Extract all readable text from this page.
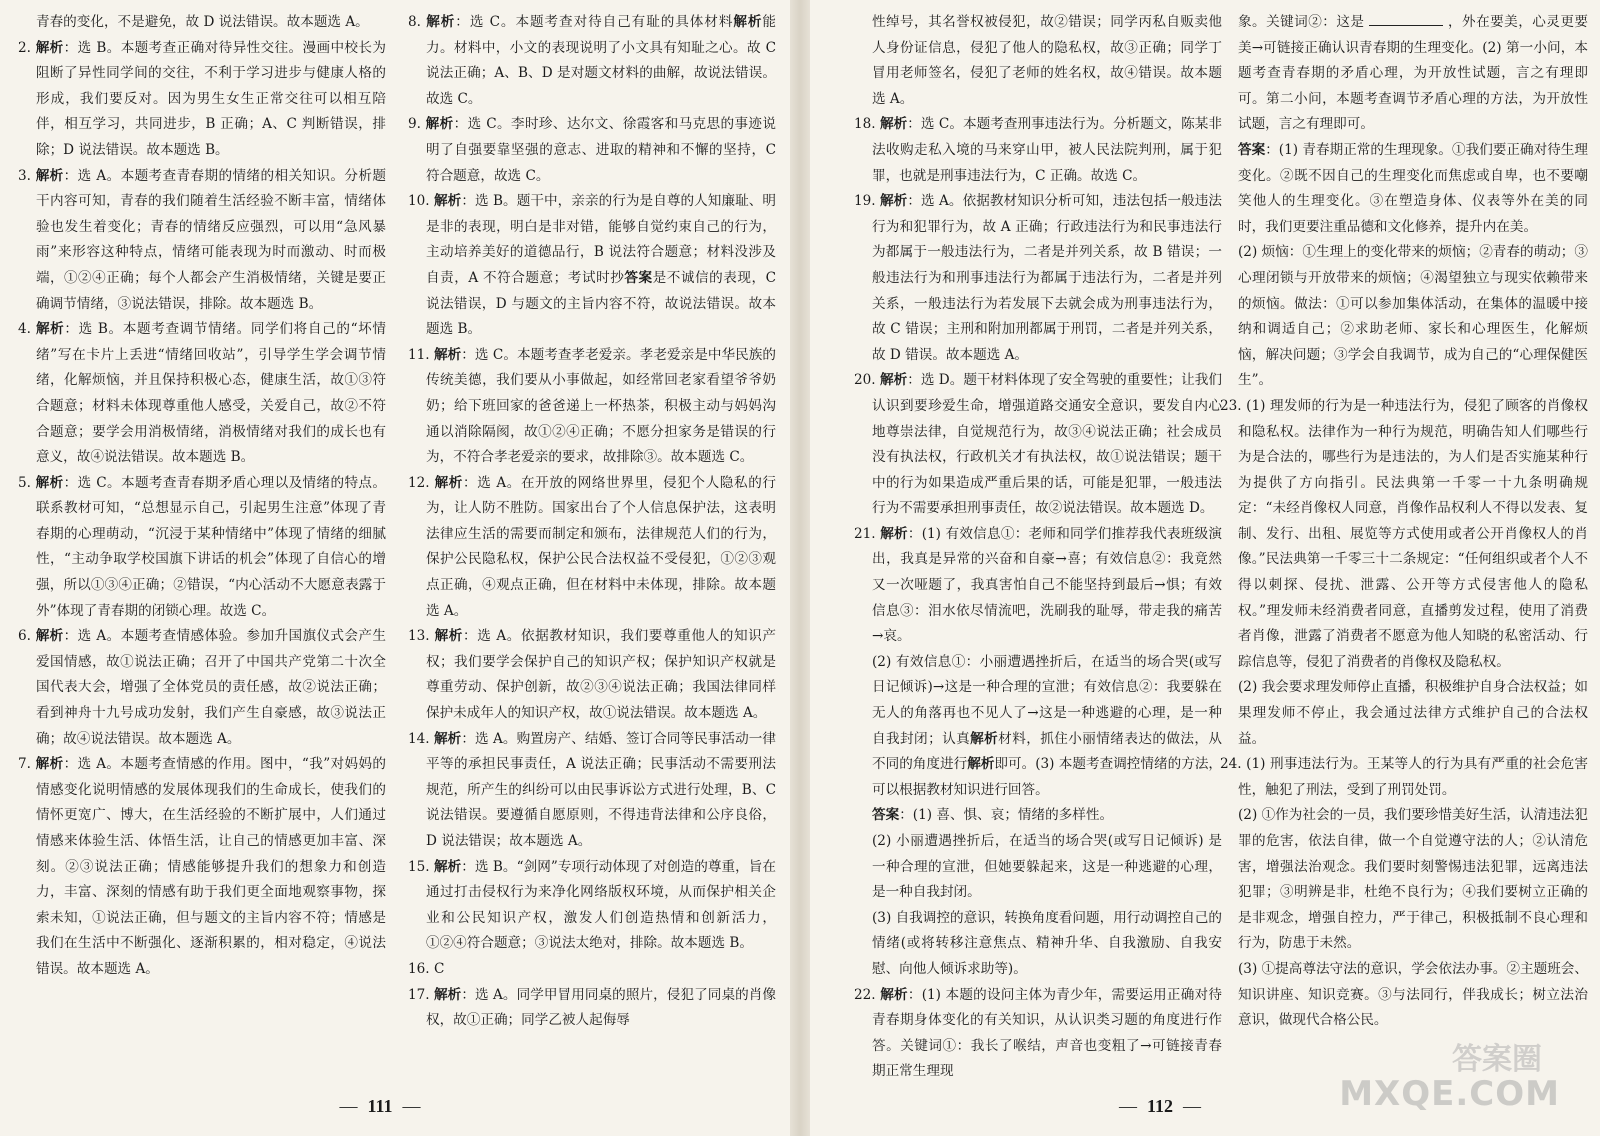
青春的变化，不是避免，故 D 说法错误。故本题选 A。

2. 解析：选 B。本题考查正确对待异性交往。漫画中校长为阻断了异性同学间的交往，不利于学习进步与健康人格的形成，我们要反对。因为男生女生正常交往可以相互陪伴，相互学习，共同进步，B 正确；A、C 判断错误，排除；D 说法错误。故本题选 B。

3. 解析：选 A。本题考查青春期的情绪的相关知识。分析题干内容可知，青春的我们随着生活经验不断丰富，情绪体验也发生着变化；青春的情绪反应强烈，可以用“急风暴雨”来形容这种特点，情绪可能表现为时而激动、时而极端，①②④正确；每个人都会产生消极情绪，关键是要正确调节情绪，③说法错误，排除。故本题选 B。

4. 解析：选 B。本题考查调节情绪。同学们将自己的“坏情绪”写在卡片上丢进“情绪回收站”，引导学生学会调节情绪，化解烦恼，并且保持积极心态，健康生活，故①③符合题意；材料未体现尊重他人感受，关爱自己，故②不符合题意；要学会用消极情绪，消极情绪对我们的成长也有意义，故④说法错误。故本题选 B。

5. 解析：选 C。本题考查青春期矛盾心理以及情绪的特点。联系教材可知，“总想显示自己，引起男生注意”体现了青春期的心理萌动，“沉浸于某种情绪中”体现了情绪的细腻性，“主动争取学校国旗下讲话的机会”体现了自信心的增强，所以①③④正确；②错误，“内心活动不大愿意表露于外”体现了青春期的闭锁心理。故选 C。

6. 解析：选 A。本题考查情感体验。参加升国旗仪式会产生爱国情感，故①说法正确；召开了中国共产党第二十次全国代表大会，增强了全体党员的责任感，故②说法正确；看到神舟十九号成功发射，我们产生自豪感，故③说法正确；故④说法错误。故本题选 A。

7. 解析：选 A。本题考查情感的作用。图中，“我”对妈妈的情感变化说明情感的发展体现我们的生命成长，使我们的情怀更宽广、博大，在生活经验的不断扩展中，人们通过情感来体验生活、体悟生活，让自己的情感更加丰富、深刻。②③说法正确；情感能够提升我们的想象力和创造力，丰富、深刻的情感有助于我们更全面地观察事物，探索未知，①说法正确，但与题文的主旨内容不符；情感是我们在生活中不断强化、逐渐积累的，相对稳定，④说法错误。故本题选 A。

8. 解析：选 C。本题考查对待自己有耻的具体材料解析能力。材料中，小文的表现说明了小文具有知耻之心。故 C 说法正确；A、B、D 是对题文材料的曲解，故说法错误。故选 C。

9. 解析：选 C。李时珍、达尔文、徐霞客和马克思的事迹说明了自强要靠坚强的意志、进取的精神和不懈的坚持，C 符合题意，故选 C。

10. 解析：选 B。题干中，亲亲的行为是自尊的人知廉耻、明是非的表现，明白是非对错，能够自觉约束自己的行为，主动培养美好的道德品行，B 说法符合题意；材料没涉及自责，A 不符合题意；考试时抄答案是不诚信的表现，C 说法错误，D 与题文的主旨内容不符，故说法错误。故本题选 B。

11. 解析：选 C。本题考查孝老爱亲。孝老爱亲是中华民族的传统美德，我们要从小事做起，如经常回老家看望爷爷奶奶；给下班回家的爸爸递上一杯热茶，积极主动与妈妈沟通以消除隔阂，故①②④正确；不愿分担家务是错误的行为，不符合孝老爱亲的要求，故排除③。故本题选 C。

12. 解析：选 A。在开放的网络世界里，侵犯个人隐私的行为，让人防不胜防。国家出台了个人信息保护法，这表明法律应生活的需要而制定和颁布，法律规范人们的行为，保护公民隐私权，保护公民合法权益不受侵犯，①②③观点正确，④观点正确，但在材料中未体现，排除。故本题选 A。

13. 解析：选 A。依据教材知识，我们要尊重他人的知识产权；我们要学会保护自己的知识产权；保护知识产权就是尊重劳动、保护创新，故②③④说法正确；我国法律同样保护未成年人的知识产权，故①说法错误。故本题选 A。

14. 解析：选 A。购置房产、结婚、签订合同等民事活动一律平等的承担民事责任，A 说法正确；民事活动不需要刑法规范，所产生的纠纷可以由民事诉讼方式进行处理，B、C 说法错误。要遵循自愿原则，不得违背法律和公序良俗，D 说法错误；故本题选 A。

15. 解析：选 B。“剑网”专项行动体现了对创造的尊重，旨在通过打击侵权行为来净化网络版权环境，从而保护相关企业和公民知识产权，激发人们创造热情和创新活力，①②④符合题意；③说法太绝对，排除。故本题选 B。

16. C

17. 解析：选 A。同学甲冒用同桌的照片，侵犯了同桌的肖像权，故①正确；同学乙被人起侮辱

— 111 —

性绰号，其名誉权被侵犯，故②错误；同学丙私自贩卖他人身份证信息，侵犯了他人的隐私权，故③正确；同学丁冒用老师签名，侵犯了老师的姓名权，故④错误。故本题选 A。

18. 解析：选 C。本题考查刑事违法行为。分析题文，陈某非法收购走私入境的马来穿山甲，被人民法院判刑，属于犯罪，也就是刑事违法行为，C 正确。故选 C。

19. 解析：选 A。依据教材知识分析可知，违法包括一般违法行为和犯罪行为，故 A 正确；行政违法行为和民事违法行为都属于一般违法行为，二者是并列关系，故 B 错误；一般违法行为和刑事违法行为都属于违法行为，二者是并列关系，一般违法行为若发展下去就会成为刑事违法行为，故 C 错误；主刑和附加刑都属于刑罚，二者是并列关系，故 D 错误。故本题选 A。

20. 解析：选 D。题干材料体现了安全驾驶的重要性；让我们认识到要珍爱生命，增强道路交通安全意识，要发自内心地尊崇法律，自觉规范行为，故③④说法正确；社会成员没有执法权，行政机关才有执法权，故①说法错误；题干中的行为如果造成严重后果的话，可能是犯罪，一般违法行为不需要承担刑事责任，故②说法错误。故本题选 D。

21. 解析：(1) 有效信息①：老师和同学们推荐我代表班级演出，我真是异常的兴奋和自豪→喜；有效信息②：我竟然又一次哑题了，我真害怕自己不能坚持到最后→惧；有效信息③：泪水依尽情流吧，洗刷我的耻辱，带走我的痛苦→哀。

(2) 有效信息①：小丽遭遇挫折后，在适当的场合哭(或写日记倾诉)→这是一种合理的宣泄；有效信息②：我要躲在无人的角落再也不见人了→这是一种逃避的心理，是一种自我封闭；认真解析材料，抓住小丽情绪表达的做法，从不同的角度进行解析即可。(3) 本题考查调控情绪的方法，可以根据教材知识进行回答。

答案：(1) 喜、惧、哀；情绪的多样性。

(2) 小丽遭遇挫折后，在适当的场合哭(或写日记倾诉) 是一种合理的宣泄，但她要躲起来，这是一种逃避的心理，是一种自我封闭。

(3) 自我调控的意识，转换角度看问题，用行动调控自己的情绪(或将转移注意焦点、精神升华、自我激励、自我安慰、向他人倾诉求助等)。

22. 解析：(1) 本题的设问主体为青少年，需要运用正确对待青春期身体变化的有关知识，从认识类习题的角度进行作答。关键词①：我长了喉结，声音也变粗了→可链接青春期正常生理现

象。关键词②：这是	，外在要美，心灵更要美→可链接正确认识青春期的生理变化。(2) 第一小问，本题考查青春期的矛盾心理，为开放性试题，言之有理即可。第二小问，本题考查调节矛盾心理的方法，为开放性试题，言之有理即可。

答案：(1) 青春期正常的生理现象。①我们要正确对待生理变化。②既不因自己的生理变化而焦虑或自卑，也不要嘲笑他人的生理变化。③在塑造身体、仪表等外在美的同时，我们更要注重品德和文化修养，提升内在美。

(2) 烦恼：①生理上的变化带来的烦恼；②青春的萌动；③心理闭锁与开放带来的烦恼；④渴望独立与现实依赖带来的烦恼。做法：①可以参加集体活动，在集体的温暖中接纳和调适自己；②求助老师、家长和心理医生，化解烦恼，解决问题；③学会自我调节，成为自己的“心理保健医生”。

23. (1) 理发师的行为是一种违法行为，侵犯了顾客的肖像权和隐私权。法律作为一种行为规范，明确告知人们哪些行为是合法的，哪些行为是违法的，为人们是否实施某种行为提供了方向指引。民法典第一千零一十九条明确规定：“未经肖像权人同意，肖像作品权利人不得以发表、复制、发行、出租、展览等方式使用或者公开肖像权人的肖像。”民法典第一千零三十二条规定：“任何组织或者个人不得以刺探、侵扰、泄露、公开等方式侵害他人的隐私权。”理发师未经消费者同意，直播剪发过程，使用了消费者肖像，泄露了消费者不愿意为他人知晓的私密活动、行踪信息等，侵犯了消费者的肖像权及隐私权。

(2) 我会要求理发师停止直播，积极维护自身合法权益；如果理发师不停止，我会通过法律方式维护自己的合法权益。

24. (1) 刑事违法行为。王某等人的行为具有严重的社会危害性，触犯了刑法，受到了刑罚处罚。

(2) ①作为社会的一员，我们要珍惜美好生活，认清违法犯罪的危害，依法自律，做一个自觉遵守法的人；②认清危害，增强法治观念。我们要时刻警惕违法犯罪，远离违法犯罪；③明辨是非，杜绝不良行为；④我们要树立正确的是非观念，增强自控力，严于律己，积极抵制不良心理和行为，防患于未然。

(3) ①提高尊法守法的意识，学会依法办事。②主题班会、知识讲座、知识竞赛。③与法同行，伴我成长；树立法治意识，做现代合格公民。

— 112 —
答案圈
MXQE.COM
